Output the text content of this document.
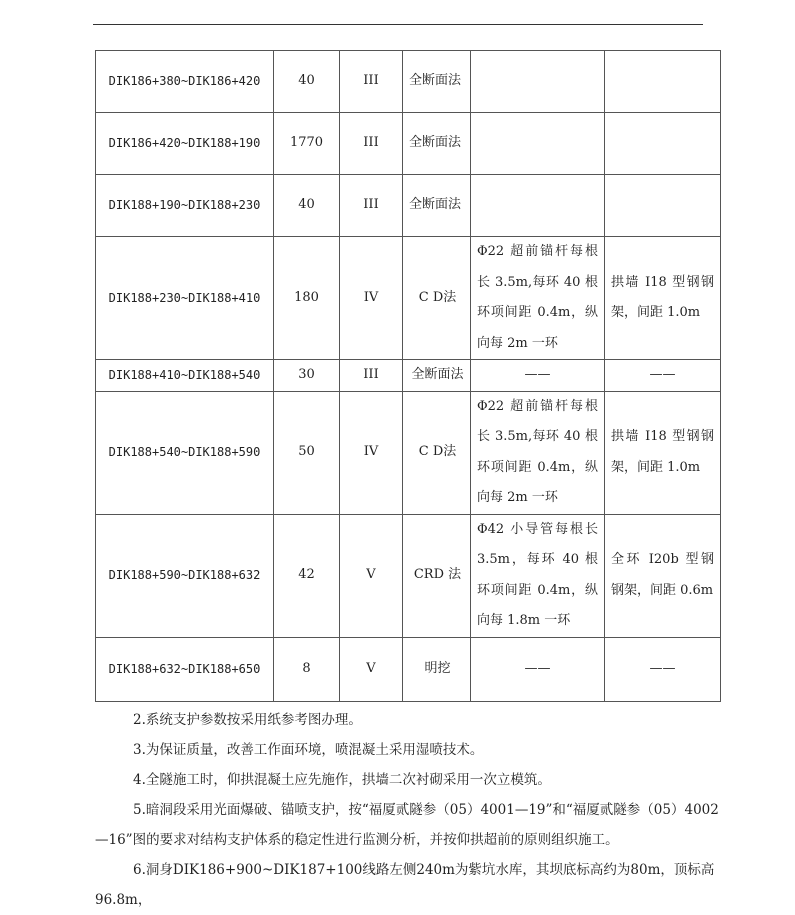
DIK186+380~DIK186+420	40	III	全断面法		
DIK186+420~DIK188+190	1770	III	全断面法		
DIK188+190~DIK188+230	40	III	全断面法		
DIK188+230~DIK188+410	180	IV	C D法	Φ22 超前锚杆每根长 3.5m,每环 40 根环项间距 0.4m，纵向每 2m 一环	拱墙 I18 型钢钢架，间距 1.0m
DIK188+410~DIK188+540	30	III	全断面法	——	——
DIK188+540~DIK188+590	50	IV	C D法	Φ22 超前锚杆每根长 3.5m,每环 40 根环项间距 0.4m，纵向每 2m 一环	拱墙 I18 型钢钢架，间距 1.0m
DIK188+590~DIK188+632	42	V	CRD 法	Φ42 小导管每根长 3.5m，每环 40 根环项间距 0.4m，纵向每 1.8m 一环	全环 I20b 型钢钢架，间距 0.6m
DIK188+632~DIK188+650	8	V	明挖	——	——

2.系统支护参数按采用纸参考图办理。

3.为保证质量，改善工作面环境，喷混凝土采用湿喷技术。

4.全隧施工时，仰拱混凝土应先施作，拱墙二次衬砌采用一次立模筑。

5.暗洞段采用光面爆破、锚喷支护，按“福厦贰隧参（05）4001—19”和“福厦贰隧参（05）4002—16”图的要求对结构支护体系的稳定性进行监测分析，并按仰拱超前的原则组织施工。

6.洞身DIK186+900~DIK187+100线路左侧240m为紫坑水库，其坝底标高约为80m，顶标高96.8m，
